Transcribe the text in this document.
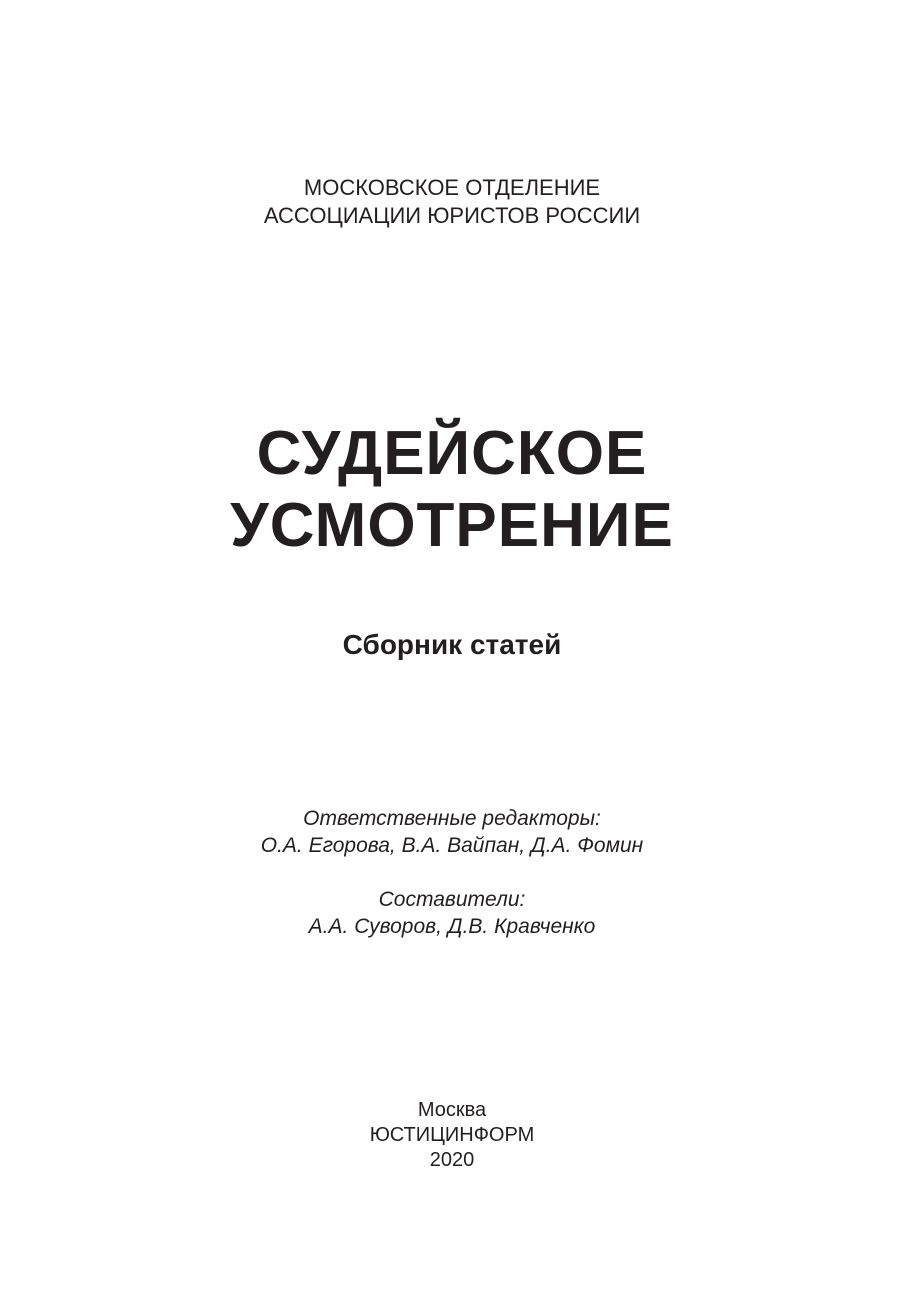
МОСКОВСКОЕ ОТДЕЛЕНИЕ
АССОЦИАЦИИ ЮРИСТОВ РОССИИ
СУДЕЙСКОЕ
УСМОТРЕНИЕ
Сборник статей
Ответственные редакторы:
О.А. Егорова, В.А. Вайпан, Д.А. Фомин
Составители:
А.А. Суворов, Д.В. Кравченко
Москва
ЮСТИЦИНФОРМ
2020
